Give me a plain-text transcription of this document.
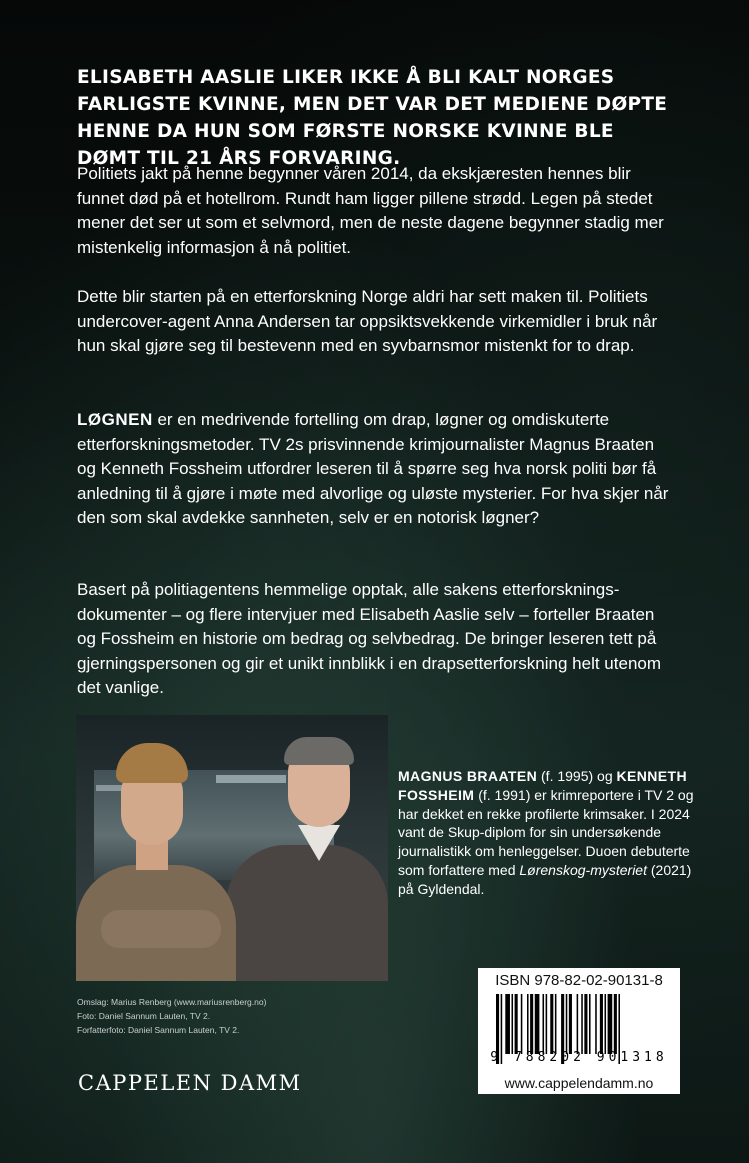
ELISABETH AASLIE LIKER IKKE Å BLI KALT NORGES FARLIGSTE KVINNE, MEN DET VAR DET MEDIENE DØPTE HENNE DA HUN SOM FØRSTE NORSKE KVINNE BLE DØMT TIL 21 ÅRS FORVARING.

Politiets jakt på henne begynner våren 2014, da ekskjæresten hennes blir funnet død på et hotellrom. Rundt ham ligger pillene strødd. Legen på stedet mener det ser ut som et selvmord, men de neste dagene begynner stadig mer mistenkelig informasjon å nå politiet.

Dette blir starten på en etterforskning Norge aldri har sett maken til. Politiets undercover-agent Anna Andersen tar oppsiktsvekkende virkemidler i bruk når hun skal gjøre seg til bestevenn med en syvbarnsmor mistenkt for to drap.

LØGNEN er en medrivende fortelling om drap, løgner og omdiskuterte etterforskningsmetoder. TV 2s prisvinnende krimjournalister Magnus Braaten og Kenneth Fossheim utfordrer leseren til å spørre seg hva norsk politi bør få anledning til å gjøre i møte med alvorlige og uløste mysterier. For hva skjer når den som skal avdekke sannheten, selv er en notorisk løgner?

Basert på politiagentens hemmelige opptak, alle sakens etterforskningsdokumenter – og flere intervjuer med Elisabeth Aaslie selv – forteller Braaten og Fossheim en historie om bedrag og selvbedrag. De bringer leseren tett på gjerningspersonen og gir et unikt innblikk i en drapsetterforskning helt utenom det vanlige.

MAGNUS BRAATEN (f. 1995) og KENNETH FOSSHEIM (f. 1991) er krimreportere i TV 2 og har dekket en rekke profilerte krimsaker. I 2024 vant de Skup-diplom for sin undersøkende journalistikk om henleggelser. Duoen debuterte som forfattere med Lørenskog-mysteriet (2021) på Gyldendal.
Omslag: Marius Renberg (www.mariusrenberg.no)
Foto: Daniel Sannum Lauten, TV 2.
Forfatterfoto: Daniel Sannum Lauten, TV 2.
CAPPELEN DAMM
ISBN 978-82-02-90131-8
9 788202 901318
www.cappelendamm.no
